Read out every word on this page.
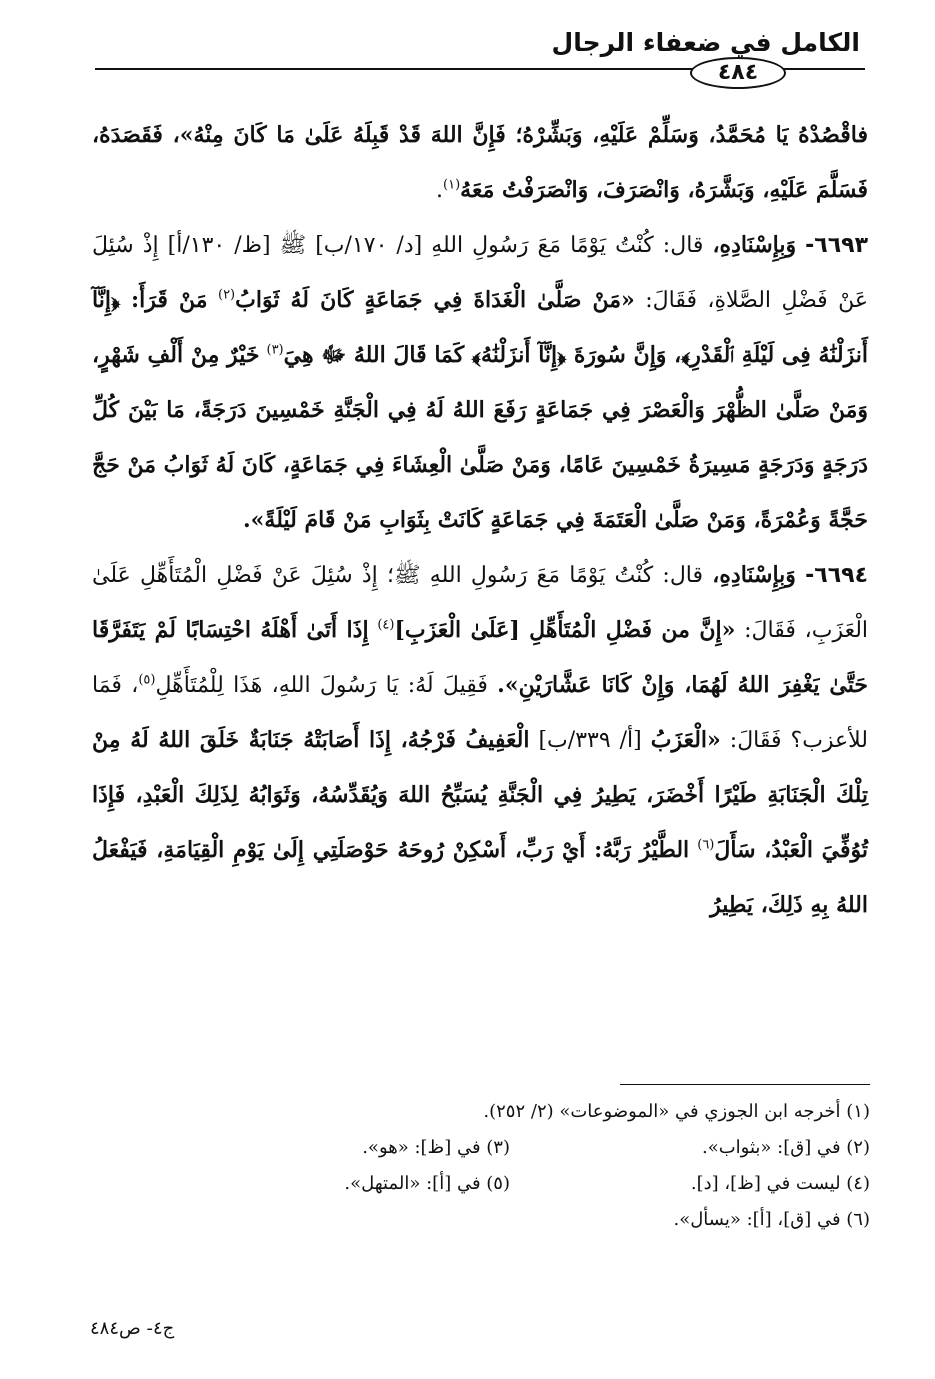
الكامل في ضعفاء الرجال
٤٨٤

فاقْصُدْهُ يَا مُحَمَّدُ، وَسَلِّمْ عَلَيْهِ، وَبَشِّرْهُ؛ فَإِنَّ اللهَ قَدْ قَبِلَهُ عَلَىٰ مَا كَانَ مِنْهُ»، فَقَصَدَهُ، فَسَلَّمَ عَلَيْهِ، وَبَشَّرَهُ، وَانْصَرَفَ، وَانْصَرَفْتُ مَعَهُ$^{(١)}$.

٦٦٩٣- وَبِإِسْنَادِهِ، قال: كُنْتُ يَوْمًا مَعَ رَسُولِ اللهِ [د/ ١٧٠/ب] ﷺ [ظ/ ١٣٠/أ] إِذْ سُئِلَ عَنْ فَضْلِ الصَّلاةِ، فَقَالَ: «مَنْ صَلَّىٰ الْغَدَاةَ فِي جَمَاعَةٍ كَانَ لَهُ ثَوَابُ$^{(٢)}$ مَنْ قَرَأَ: ﴿إِنَّآ أَنزَلْنَٰهُ فِى لَيْلَةِ ٱلْقَدْرِ﴾، وَإِنَّ سُورَةَ ﴿إِنَّآ أَنزَلْنَٰهُ﴾ كَمَا قَالَ اللهُ ﷻ هِيَ$^{(٣)}$ خَيْرٌ مِنْ أَلْفِ شَهْرٍ، وَمَنْ صَلَّىٰ الظُّهْرَ وَالْعَصْرَ فِي جَمَاعَةٍ رَفَعَ اللهُ لَهُ فِي الْجَنَّةِ خَمْسِينَ دَرَجَةً، مَا بَيْنَ كُلِّ دَرَجَةٍ وَدَرَجَةٍ مَسِيرَةُ خَمْسِينَ عَامًا، وَمَنْ صَلَّىٰ الْعِشَاءَ فِي جَمَاعَةٍ، كَانَ لَهُ ثَوَابُ مَنْ حَجَّ حَجَّةً وَعُمْرَةً، وَمَنْ صَلَّىٰ الْعَتَمَةَ فِي جَمَاعَةٍ كَانَتْ بِثَوَابِ مَنْ قَامَ لَيْلَةً».

٦٦٩٤- وَبِإِسْنَادِهِ، قال: كُنْتُ يَوْمًا مَعَ رَسُولِ اللهِ ﷺ؛ إِذْ سُئِلَ عَنْ فَضْلِ الْمُتَأَهِّلِ عَلَىٰ الْعَزَبِ، فَقَالَ: «إِنَّ من فَضْلِ الْمُتَأَهِّلِ [عَلَىٰ الْعَزَبِ]$^{(٤)}$ إِذَا أَتَىٰ أَهْلَهُ احْتِسَابًا لَمْ يَتَفَرَّقَا حَتَّىٰ يَغْفِرَ اللهُ لَهُمَا، وَإِنْ كَانَا عَشَّارَيْنِ». فَقِيلَ لَهُ: يَا رَسُولَ اللهِ، هَذَا لِلْمُتَأَهِّلِ$^{(٥)}$، فَمَا للأعزب؟ فَقَالَ: «الْعَزَبُ [أ/ ٣٣٩/ب] الْعَفِيفُ فَرْجُهُ، إِذَا أَصَابَتْهُ جَنَابَةٌ خَلَقَ اللهُ لَهُ مِنْ تِلْكَ الْجَنَابَةِ طَيْرًا أَخْضَرَ، يَطِيرُ فِي الْجَنَّةِ يُسَبِّحُ اللهَ وَيُقَدِّسُهُ، وَثَوَابُهُ لِذَلِكَ الْعَبْدِ، فَإِذَا تُوُفِّيَ الْعَبْدُ، سَأَلَ$^{(٦)}$ الطَّيْرُ رَبَّهُ: أَيْ رَبِّ، أَسْكِنْ رُوحَهُ حَوْصَلَتِي إِلَىٰ يَوْمِ الْقِيَامَةِ، فَيَفْعَلُ اللهُ بِهِ ذَلِكَ، يَطِيرُ

(١) أخرجه ابن الجوزي في «الموضوعات» (٢/ ٢٥٢).
(٢) في [ق]: «بثواب».
(٣) في [ظ]: «هو».
(٤) ليست في [ظ]، [د].
(٥) في [أ]: «المتهل».
(٦) في [ق]، [أ]: «يسأل».
ج٤- ص٤٨٤
